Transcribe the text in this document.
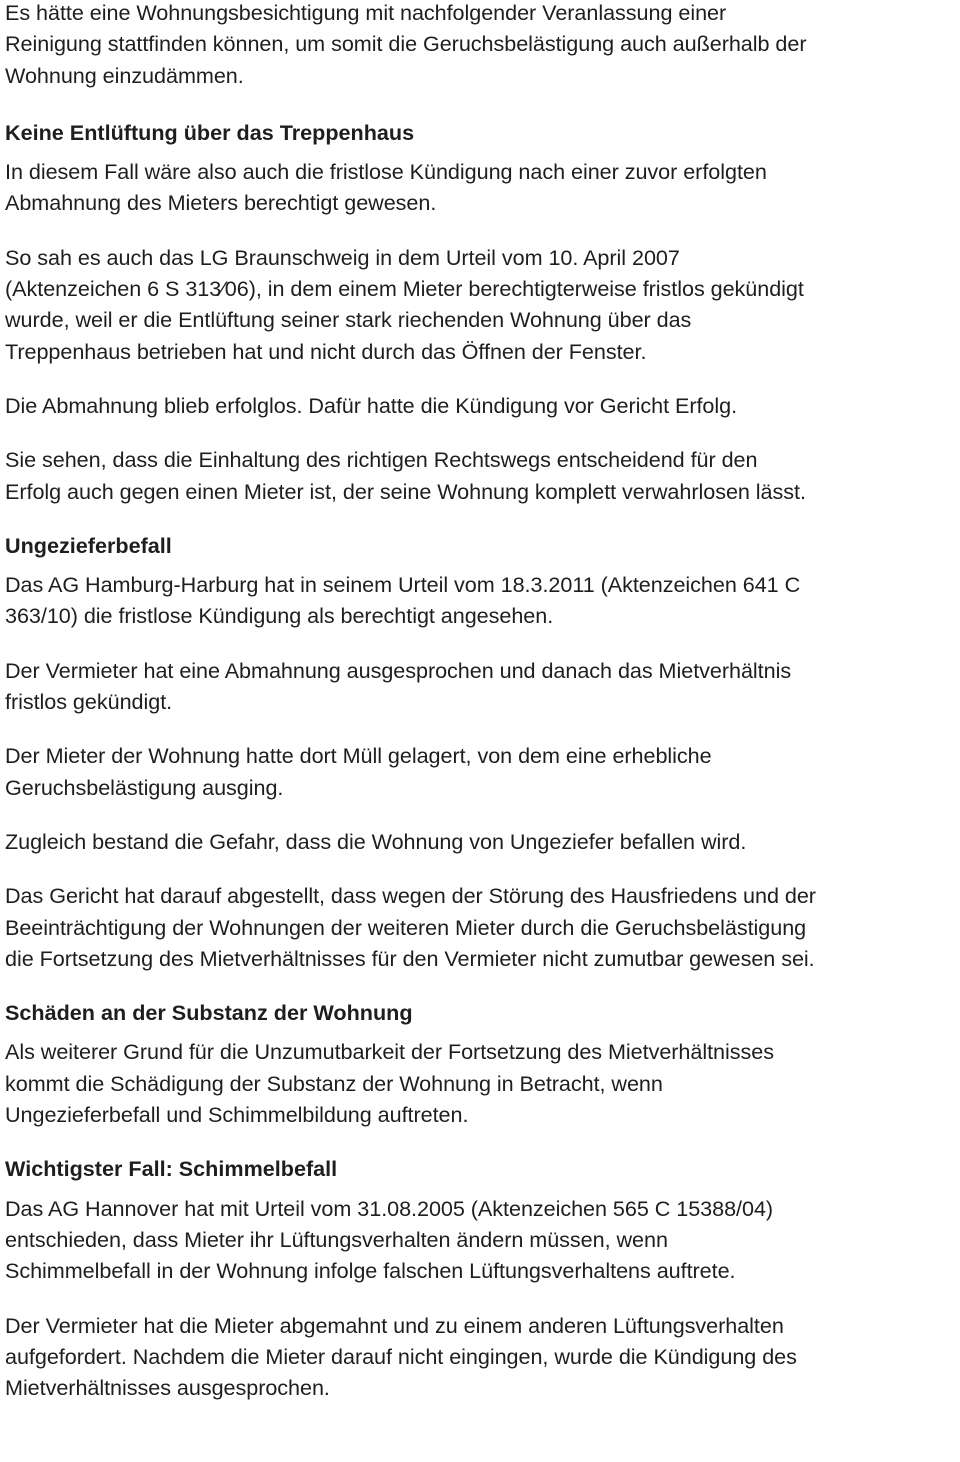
Es hätte eine Wohnungsbesichtigung mit nachfolgender Veranlassung einer
Reinigung stattfinden können, um somit die Geruchsbelästigung auch außerhalb der
Wohnung einzudämmen.

Keine Entlüftung über das Treppenhaus

In diesem Fall wäre also auch die fristlose Kündigung nach einer zuvor erfolgten
Abmahnung des Mieters berechtigt gewesen.

So sah es auch das LG Braunschweig in dem Urteil vom 10. April 2007
(Aktenzeichen 6 S 313⁄06), in dem einem Mieter berechtigterweise fristlos gekündigt
wurde, weil er die Entlüftung seiner stark riechenden Wohnung über das
Treppenhaus betrieben hat und nicht durch das Öffnen der Fenster.

Die Abmahnung blieb erfolglos. Dafür hatte die Kündigung vor Gericht Erfolg.

Sie sehen, dass die Einhaltung des richtigen Rechtswegs entscheidend für den
Erfolg auch gegen einen Mieter ist, der seine Wohnung komplett verwahrlosen lässt.

Ungezieferbefall

Das AG Hamburg-Harburg hat in seinem Urteil vom 18.3.2011 (Aktenzeichen 641 C
363/10) die fristlose Kündigung als berechtigt angesehen.

Der Vermieter hat eine Abmahnung ausgesprochen und danach das Mietverhältnis
fristlos gekündigt.

Der Mieter der Wohnung hatte dort Müll gelagert, von dem eine erhebliche
Geruchsbelästigung ausging.

Zugleich bestand die Gefahr, dass die Wohnung von Ungeziefer befallen wird.

Das Gericht hat darauf abgestellt, dass wegen der Störung des Hausfriedens und der
Beeinträchtigung der Wohnungen der weiteren Mieter durch die Geruchsbelästigung
die Fortsetzung des Mietverhältnisses für den Vermieter nicht zumutbar gewesen sei.

Schäden an der Substanz der Wohnung

Als weiterer Grund für die Unzumutbarkeit der Fortsetzung des Mietverhältnisses
kommt die Schädigung der Substanz der Wohnung in Betracht, wenn
Ungezieferbefall und Schimmelbildung auftreten.

Wichtigster Fall: Schimmelbefall

Das AG Hannover hat mit Urteil vom 31.08.2005 (Aktenzeichen 565 C 15388/04)
entschieden, dass Mieter ihr Lüftungsverhalten ändern müssen, wenn
Schimmelbefall in der Wohnung infolge falschen Lüftungsverhaltens auftrete.

Der Vermieter hat die Mieter abgemahnt und zu einem anderen Lüftungsverhalten
aufgefordert. Nachdem die Mieter darauf nicht eingingen, wurde die Kündigung des
Mietverhältnisses ausgesprochen.
